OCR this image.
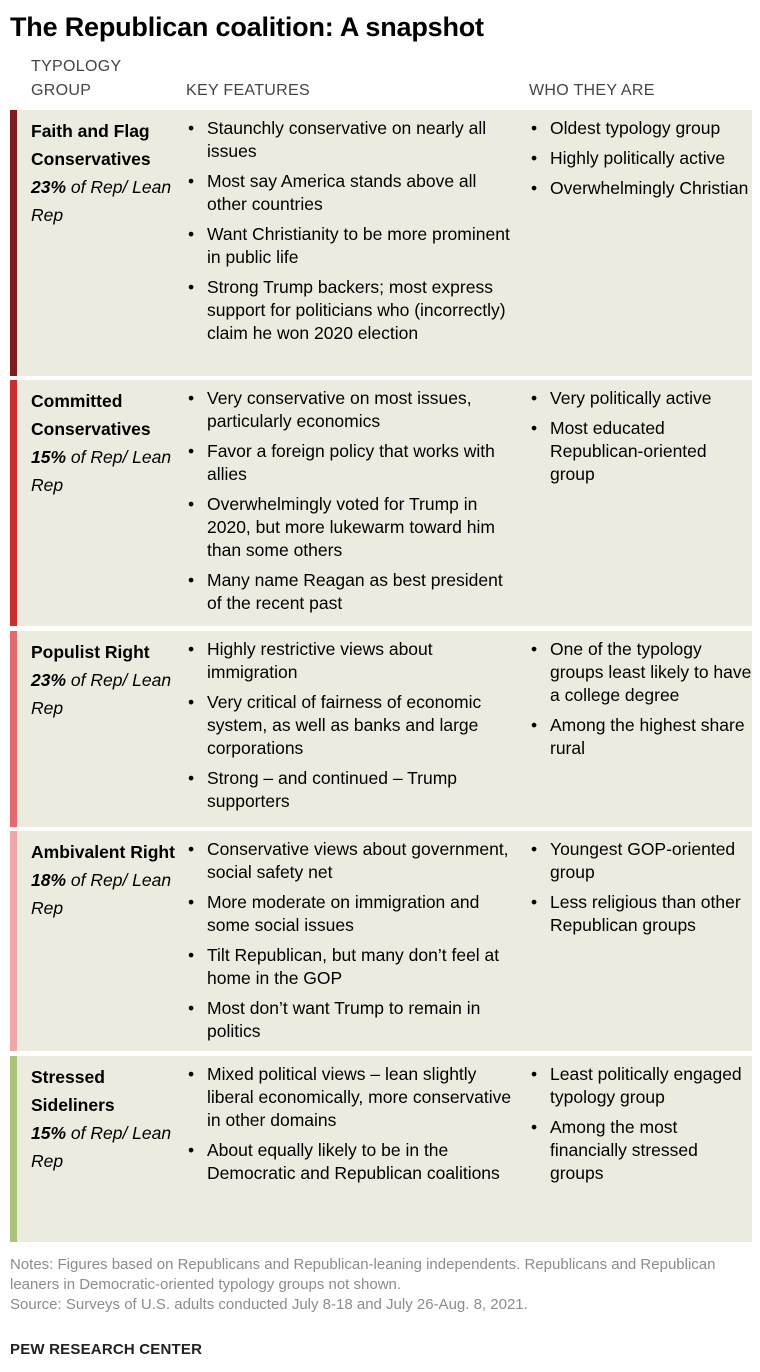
The Republican coalition: A snapshot
TYPOLOGY GROUP	KEY FEATURES	WHO THEY ARE
Faith and Flag Conservatives
23% of Rep/ Lean Rep
• Staunchly conservative on nearly all issues
• Most say America stands above all other countries
• Want Christianity to be more prominent in public life
• Strong Trump backers; most express support for politicians who (incorrectly) claim he won 2020 election
• Oldest typology group
• Highly politically active
• Overwhelmingly Christian
Committed Conservatives
15% of Rep/ Lean Rep
• Very conservative on most issues, particularly economics
• Favor a foreign policy that works with allies
• Overwhelmingly voted for Trump in 2020, but more lukewarm toward him than some others
• Many name Reagan as best president of the recent past
• Very politically active
• Most educated Republican-oriented group
Populist Right
23% of Rep/ Lean Rep
• Highly restrictive views about immigration
• Very critical of fairness of economic system, as well as banks and large corporations
• Strong – and continued – Trump supporters
• One of the typology groups least likely to have a college degree
• Among the highest share rural
Ambivalent Right
18% of Rep/ Lean Rep
• Conservative views about government, social safety net
• More moderate on immigration and some social issues
• Tilt Republican, but many don’t feel at home in the GOP
• Most don’t want Trump to remain in politics
• Youngest GOP-oriented group
• Less religious than other Republican groups
Stressed Sideliners
15% of Rep/ Lean Rep
• Mixed political views – lean slightly liberal economically, more conservative in other domains
• About equally likely to be in the Democratic and Republican coalitions
• Least politically engaged typology group
• Among the most financially stressed groups
Notes: Figures based on Republicans and Republican-leaning independents. Republicans and Republican leaners in Democratic-oriented typology groups not shown.
Source: Surveys of U.S. adults conducted July 8-18 and July 26-Aug. 8, 2021.
PEW RESEARCH CENTER
